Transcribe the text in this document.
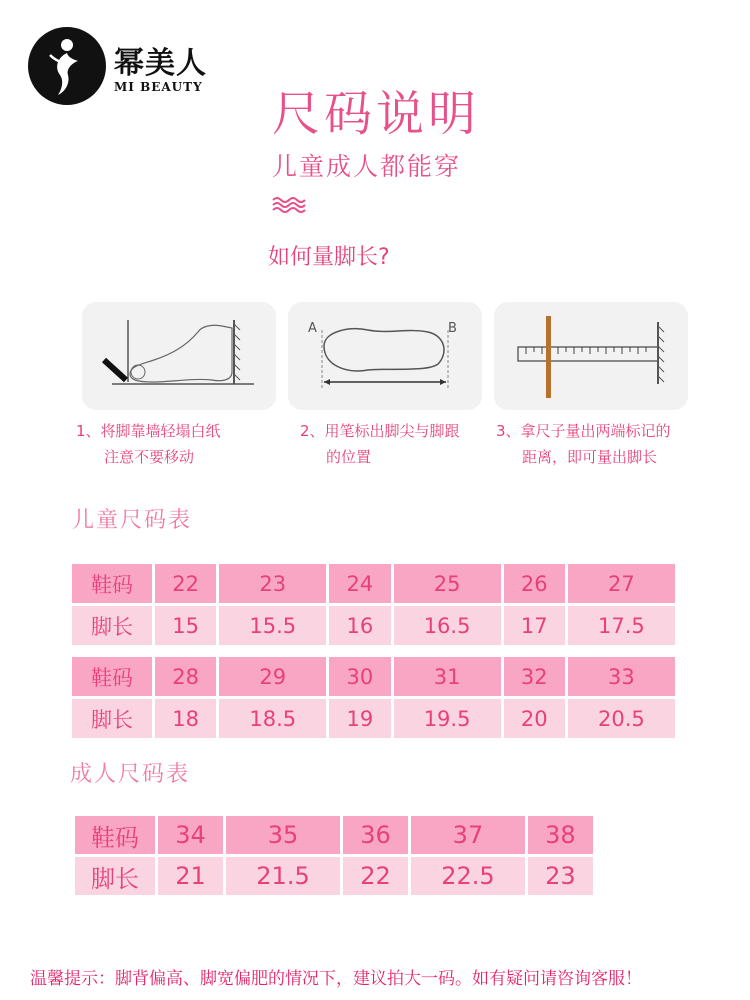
幂美人
MI BEAUTY 尺码说明
儿童成人都能穿
如何量脚长?
A	B
1、将脚靠墙轻塌白纸
注意不要移动
2、用笔标出脚尖与脚跟
的位置
3、拿尺子量出两端标记的
距离，即可量出脚长
儿童尺码表
鞋码	22	23	24	25	26	27
脚长	15	15.5	16	16.5	17	17.5
鞋码	28	29	30	31	32	33
脚长	18	18.5	19	19.5	20	20.5
成人尺码表
鞋码	34	35	36	37	38
脚长	21	21.5	22	22.5	23
温馨提示：脚背偏高、脚宽偏肥的情况下，建议拍大一码。如有疑问请咨询客服！
